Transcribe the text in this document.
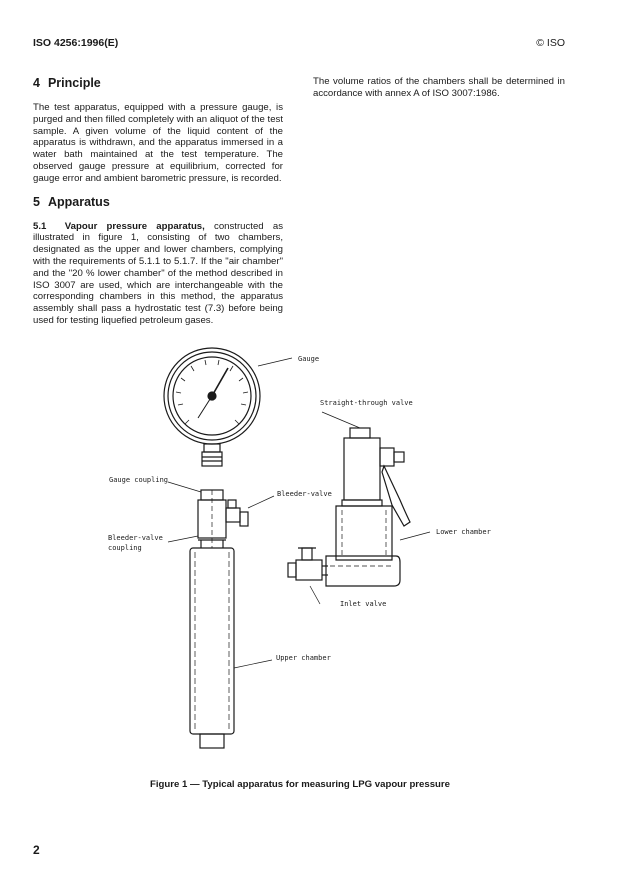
ISO 4256:1996(E)	© ISO
4 Principle

The test apparatus, equipped with a pressure gauge, is purged and then filled completely with an aliquot of the test sample. A given volume of the liquid content of the apparatus is withdrawn, and the apparatus immersed in a water bath maintained at the test temperature. The observed gauge pressure at equilibrium, corrected for gauge error and ambient barometric pressure, is recorded.

5 Apparatus

5.1 Vapour pressure apparatus, constructed as illustrated in figure 1, consisting of two chambers, designated as the upper and lower chambers, complying with the requirements of 5.1.1 to 5.1.7. If the "air chamber" and the "20 % lower chamber" of the method described in ISO 3007 are used, which are interchangeable with the corresponding chambers in this method, the apparatus assembly shall pass a hydrostatic test (7.3) before being used for testing liquefied petroleum gases.

The volume ratios of the chambers shall be determined in accordance with annex A of ISO 3007:1986.

Gauge
Straight-through valve
Gauge coupling
Bleeder-valve
Bleeder-valve
coupling
Lower chamber
Inlet valve
Upper chamber
Figure 1 — Typical apparatus for measuring LPG vapour pressure
2
